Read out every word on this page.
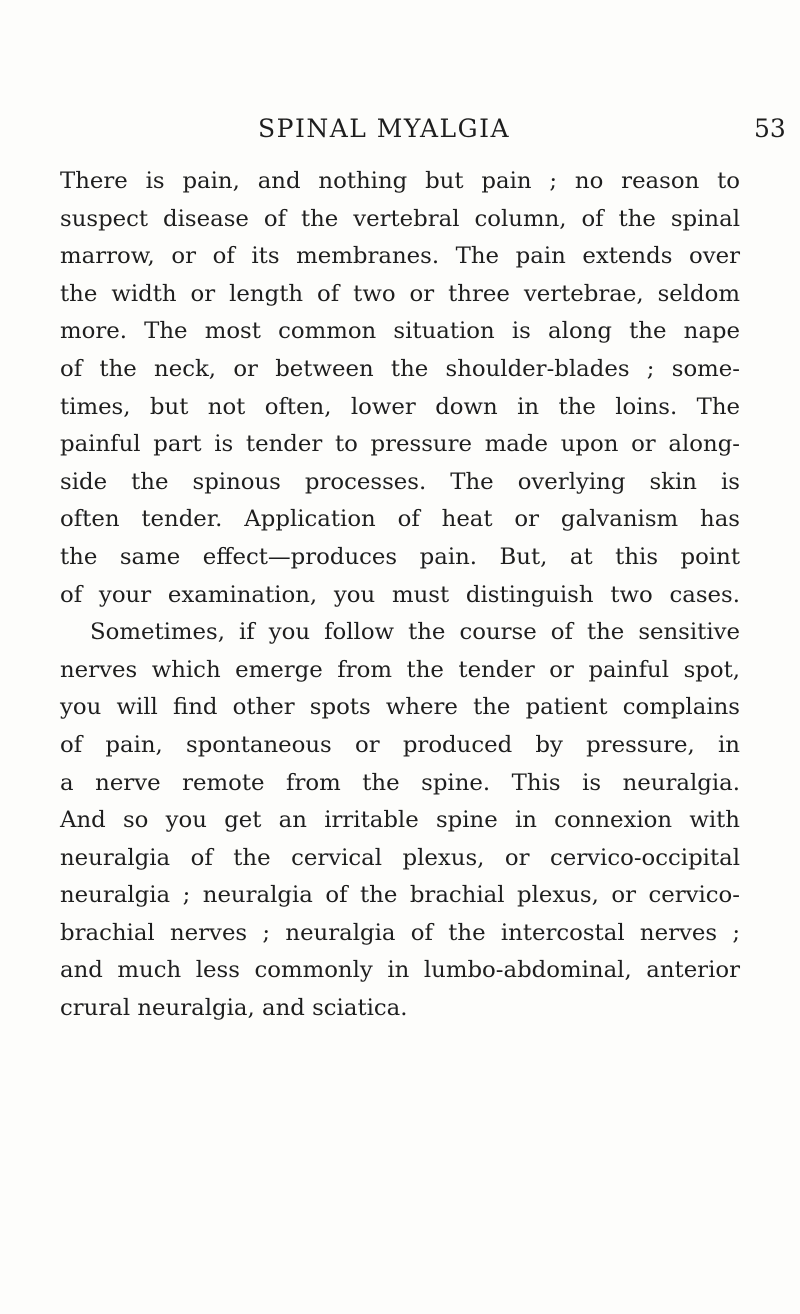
SPINAL MYALGIA	53
There is pain, and nothing but pain ; no reason to
suspect disease of the vertebral column, of the spinal
marrow, or of its membranes. The pain extends over
the width or length of two or three vertebrae, seldom
more. The most common situation is along the nape
of the neck, or between the shoulder-blades ; some-
times, but not often, lower down in the loins. The
painful part is tender to pressure made upon or along-
side the spinous processes. The overlying skin is
often tender. Application of heat or galvanism has
the same effect—produces pain. But, at this point
of your examination, you must distinguish two cases.
Sometimes, if you follow the course of the sensitive
nerves which emerge from the tender or painful spot,
you will find other spots where the patient complains
of pain, spontaneous or produced by pressure, in
a nerve remote from the spine. This is neuralgia.
And so you get an irritable spine in connexion with
neuralgia of the cervical plexus, or cervico-occipital
neuralgia ; neuralgia of the brachial plexus, or cervico-
brachial nerves ; neuralgia of the intercostal nerves ;
and much less commonly in lumbo-abdominal, anterior
crural neuralgia, and sciatica.
